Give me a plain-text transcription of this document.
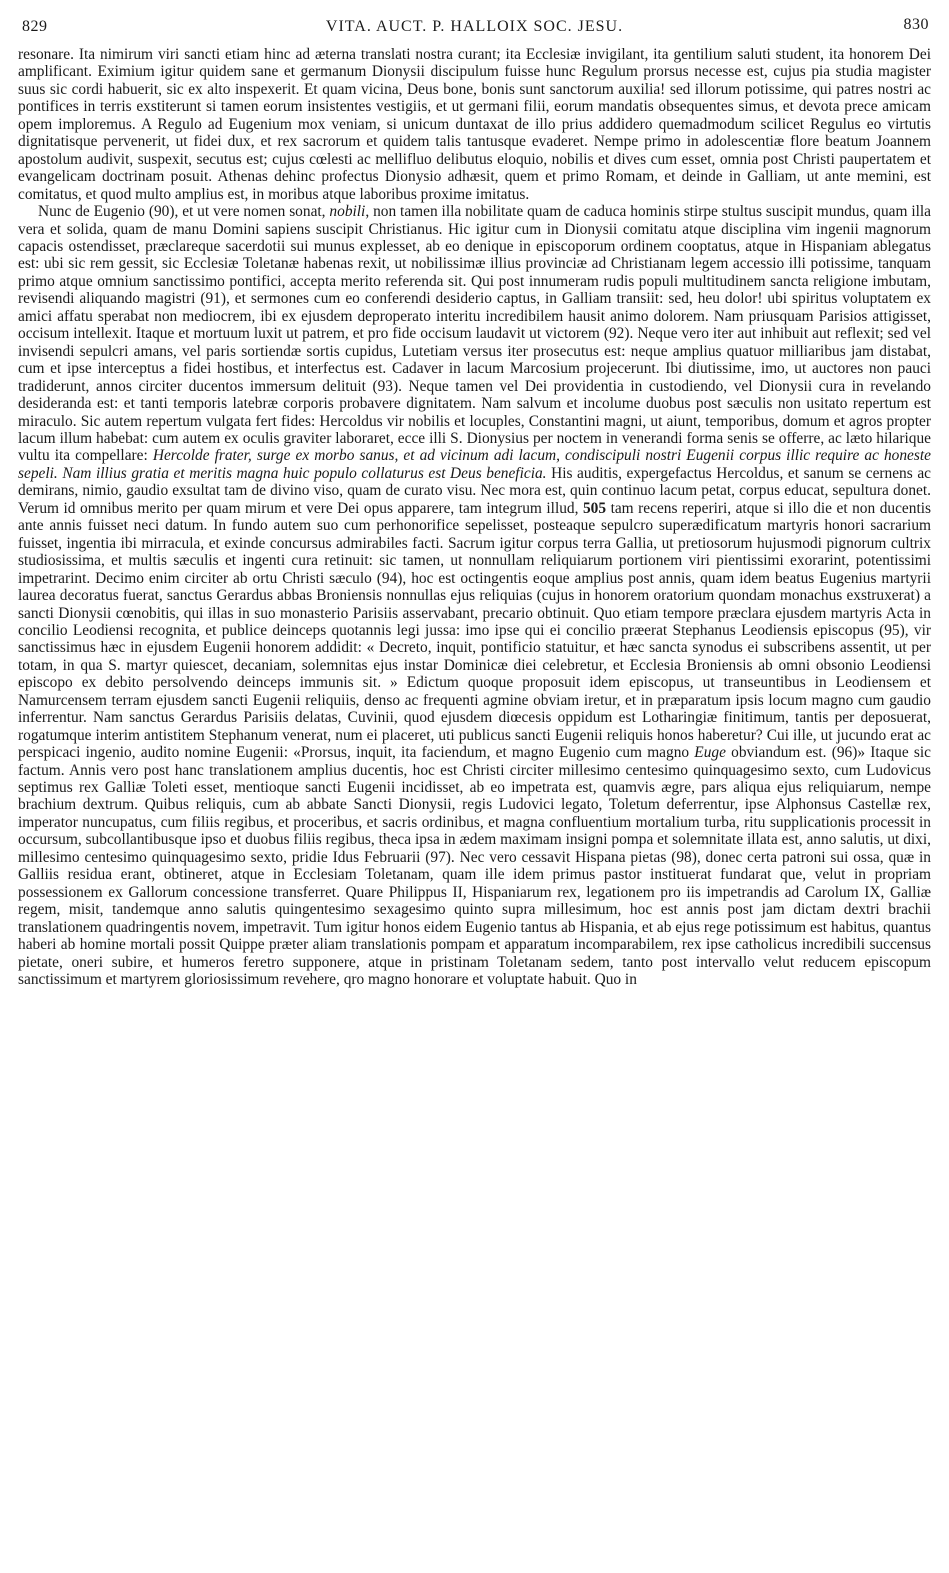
829	VITA. AUCT. P. HALLOIX SOC. JESU.	830

resonare. Ita nimirum viri sancti etiam hinc ad æterna translati nostra curant; ita Ecclesiæ invigilant, ita gentilium saluti student, ita honorem Dei amplificant. Eximium igitur quidem sane et germanum Dionysii discipulum fuisse hunc Regulum prorsus necesse est, cujus pia studia magister suus sic cordi habuerit, sic ex alto inspexerit. Et quam vicina, Deus bone, bonis sunt sanctorum auxilia! sed illorum potissime, qui patres nostri ac pontifices in terris exstiterunt si tamen eorum insistentes vestigiis, et ut germani filii, eorum mandatis obsequentes simus, et devota prece amicam opem imploremus. A Regulo ad Eugenium mox veniam, si unicum duntaxat de illo prius addidero quemadmodum scilicet Regulus eo virtutis dignitatisque pervenerit, ut fidei dux, et rex sacrorum et quidem talis tantusque evaderet. Nempe primo in adolescentiæ flore beatum Joannem apostolum audivit, suspexit, secutus est; cujus cœlesti ac mellifluo delibutus eloquio, nobilis et dives cum esset, omnia post Christi paupertatem et evangelicam doctrinam posuit. Athenas dehinc profectus Dionysio adhæsit, quem et primo Romam, et deinde in Galliam, ut ante memini, est comitatus, et quod multo amplius est, in moribus atque laboribus proxime imitatus.

Nunc de Eugenio (90), et ut vere nomen sonat, nobili, non tamen illa nobilitate quam de caduca hominis stirpe stultus suscipit mundus, quam illa vera et solida, quam de manu Domini sapiens suscipit Christianus. Hic igitur cum in Dionysii comitatu atque disciplina vim ingenii magnorum capacis ostendisset, præclareque sacerdotii sui munus explesset, ab eo denique in episcoporum ordinem cooptatus, atque in Hispaniam ablegatus est: ubi sic rem gessit, sic Ecclesiæ Toletanæ habenas rexit, ut nobilissimæ illius provinciæ ad Christianam legem accessio illi potissime, tanquam primo atque omnium sanctissimo pontifici, accepta merito referenda sit. Qui post innumeram rudis populi multitudinem sancta religione imbutam, revisendi aliquando magistri (91), et sermones cum eo conferendi desiderio captus, in Galliam transiit: sed, heu dolor! ubi spiritus voluptatem ex amici affatu sperabat non mediocrem, ibi ex ejusdem deproperato interitu incredibilem hausit animo dolorem. Nam priusquam Parisios attigisset, occisum intellexit. Itaque et mortuum luxit ut patrem, et pro fide occisum laudavit ut victorem (92). Neque vero iter aut inhibuit aut reflexit; sed vel invisendi sepulcri amans, vel paris sortiendæ sortis cupidus, Lutetiam versus iter prosecutus est: neque amplius quatuor milliaribus jam distabat, cum et ipse interceptus a fidei hostibus, et interfectus est. Cadaver in lacum Marcosium projecerunt. Ibi diutissime, imo, ut auctores non pauci tradiderunt, annos circiter ducentos immersum delituit (93). Neque tamen vel Dei providentia in custodiendo, vel Dionysii cura in revelando desideranda est: et tanti temporis latebræ corporis probavere dignitatem. Nam salvum et incolume duobus post sæculis non usitato repertum est miraculo. Sic autem repertum vulgata fert fides: Hercoldus vir nobilis et locuples, Constantini magni, ut aiunt, temporibus, domum et agros propter lacum illum habebat: cum autem ex oculis graviter laboraret, ecce illi S. Dionysius per noctem in venerandi forma senis se offerre, ac læto hilarique vultu ita compellare: Hercolde frater, surge ex morbo sanus, et ad vicinum adi lacum, condiscipuli nostri Eugenii corpus illic require ac honeste sepeli. Nam illius gratia et meritis magna huic populo collaturus est Deus beneficia. His auditis, expergefactus Hercoldus, et sanum se cernens ac demirans, nimio, gaudio exsultat tam de divino viso, quam de curato visu. Nec mora est, quin continuo lacum petat, corpus educat, sepultura donet. Verum id omnibus merito per quam mirum et vere Dei opus apparere, tam integrum illud, 505 tam recens reperiri, atque si illo die et non ducentis ante annis fuisset neci datum. In fundo autem suo cum perhonorifice sepelisset, posteaque sepulcro superædificatum martyris honori sacrarium fuisset, ingentia ibi mirracula, et exinde concursus admirabiles facti. Sacrum igitur corpus terra Gallia, ut pretiosorum hujusmodi pignorum cultrix studiosissima, et multis sæculis et ingenti cura retinuit: sic tamen, ut nonnullam reliquiarum portionem viri pientissimi exorarint, potentissimi impetrarint. Decimo enim circiter ab ortu Christi sæculo (94), hoc est octingentis eoque amplius post annis, quam idem beatus Eugenius martyrii laurea decoratus fuerat, sanctus Gerardus abbas Broniensis nonnullas ejus reliquias (cujus in honorem oratorium quondam monachus exstruxerat) a sancti Dionysii cœnobitis, qui illas in suo monasterio Parisiis asservabant, precario obtinuit. Quo etiam tempore præclara ejusdem martyris Acta in concilio Leodiensi recognita, et publice deinceps quotannis legi jussa: imo ipse qui ei concilio præerat Stephanus Leodiensis episcopus (95), vir sanctissimus hæc in ejusdem Eugenii honorem addidit: « Decreto, inquit, pontificio statuitur, et hæc sancta synodus ei subscribens assentit, ut per totam, in qua S. martyr quiescet, decaniam, solemnitas ejus instar Dominicæ diei celebretur, et Ecclesia Broniensis ab omni obsonio Leodiensi episcopo ex debito persolvendo deinceps immunis sit. » Edictum quoque proposuit idem episcopus, ut transeuntibus in Leodiensem et Namurcensem terram ejusdem sancti Eugenii reliquiis, denso ac frequenti agmine obviam iretur, et in præparatum ipsis locum magno cum gaudio inferrentur. Nam sanctus Gerardus Parisiis delatas, Cuvinii, quod ejusdem diœcesis oppidum est Lotharingiæ finitimum, tantis per deposuerat, rogatumque interim antistitem Stephanum venerat, num ei placeret, uti publicus sancti Eugenii reliquis honos haberetur? Cui ille, ut jucundo erat ac perspicaci ingenio, audito nomine Eugenii: «Prorsus, inquit, ita faciendum, et magno Eugenio cum magno Euge obviandum est. (96)» Itaque sic factum. Annis vero post hanc translationem amplius ducentis, hoc est Christi circiter millesimo centesimo quinquagesimo sexto, cum Ludovicus septimus rex Galliæ Toleti esset, mentioque sancti Eugenii incidisset, ab eo impetrata est, quamvis ægre, pars aliqua ejus reliquiarum, nempe brachium dextrum. Quibus reliquis, cum ab abbate Sancti Dionysii, regis Ludovici legato, Toletum deferrentur, ipse Alphonsus Castellæ rex, imperator nuncupatus, cum filiis regibus, et proceribus, et sacris ordinibus, et magna confluentium mortalium turba, ritu supplicationis processit in occursum, subcollantibusque ipso et duobus filiis regibus, theca ipsa in ædem maximam insigni pompa et solemnitate illata est, anno salutis, ut dixi, millesimo centesimo quinquagesimo sexto, pridie Idus Februarii (97). Nec vero cessavit Hispana pietas (98), donec certa patroni sui ossa, quæ in Galliis residua erant, obtineret, atque in Ecclesiam Toletanam, quam ille idem primus pastor instituerat fundarat que, velut in propriam possessionem ex Gallorum concessione transferret. Quare Philippus II, Hispaniarum rex, legationem pro iis impetrandis ad Carolum IX, Galliæ regem, misit, tandemque anno salutis quingentesimo sexagesimo quinto supra millesimum, hoc est annis post jam dictam dextri brachii translationem quadringentis novem, impetravit. Tum igitur honos eidem Eugenio tantus ab Hispania, et ab ejus rege potissimum est habitus, quantus haberi ab homine mortali possit Quippe præter aliam translationis pompam et apparatum incomparabilem, rex ipse catholicus incredibili succensus pietate, oneri subire, et humeros feretro supponere, atque in pristinam Toletanam sedem, tanto post intervallo velut reducem episcopum sanctissimum et martyrem gloriosissimum revehere, qro magno honorare et voluptate habuit. Quo in
